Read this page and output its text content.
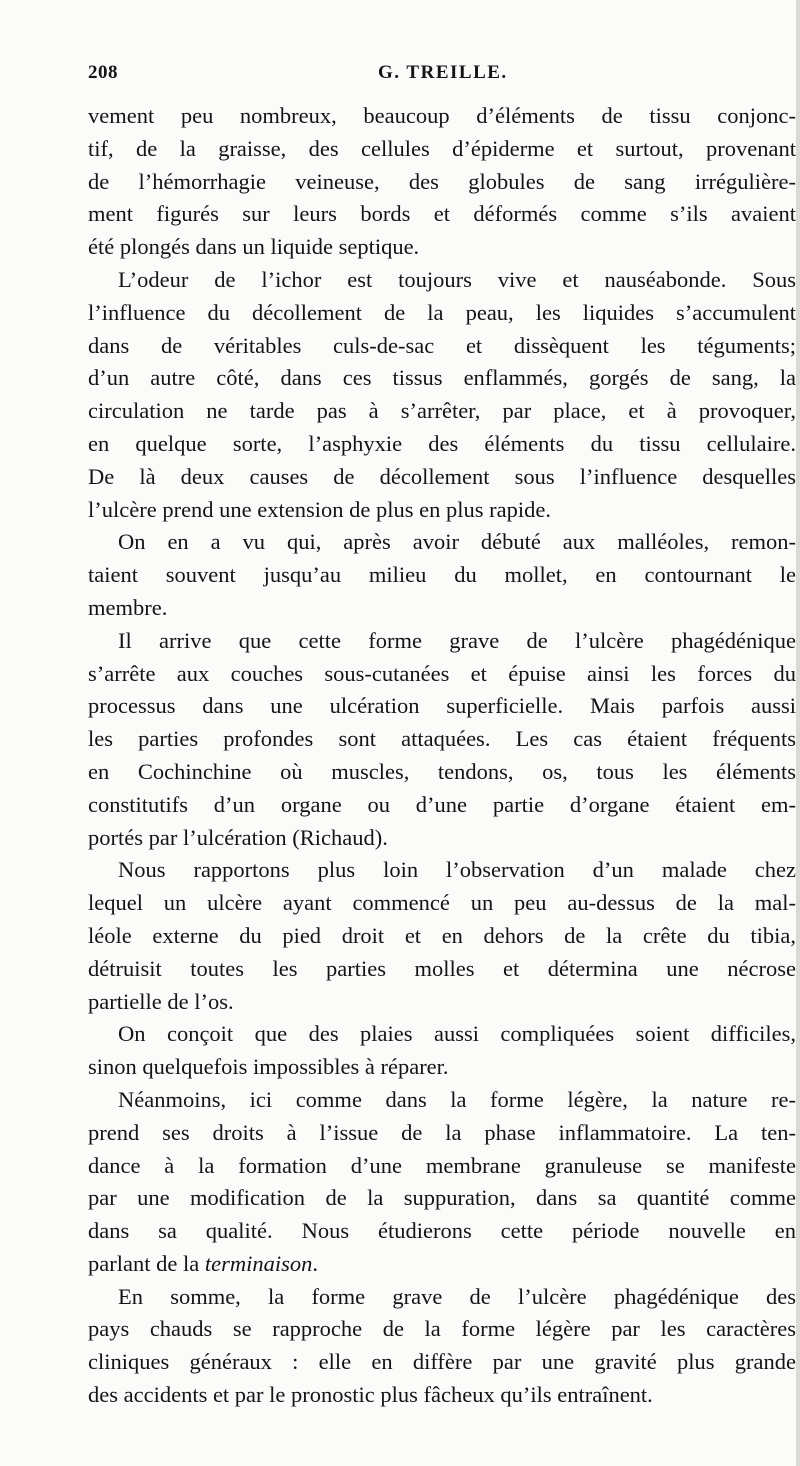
208	G. TREILLE.
vement peu nombreux, beaucoup d’éléments de tissu conjonc-
tif, de la graisse, des cellules d’épiderme et surtout, provenant
de l’hémorrhagie veineuse, des globules de sang irrégulière-
ment figurés sur leurs bords et déformés comme s’ils avaient
été plongés dans un liquide septique.
L’odeur de l’ichor est toujours vive et nauséabonde. Sous
l’influence du décollement de la peau, les liquides s’accumulent
dans de véritables culs-de-sac et dissèquent les téguments;
d’un autre côté, dans ces tissus enflammés, gorgés de sang, la
circulation ne tarde pas à s’arrêter, par place, et à provoquer,
en quelque sorte, l’asphyxie des éléments du tissu cellulaire.
De là deux causes de décollement sous l’influence desquelles
l’ulcère prend une extension de plus en plus rapide.
On en a vu qui, après avoir débuté aux malléoles, remon-
taient souvent jusqu’au milieu du mollet, en contournant le
membre.
Il arrive que cette forme grave de l’ulcère phagédénique
s’arrête aux couches sous-cutanées et épuise ainsi les forces du
processus dans une ulcération superficielle. Mais parfois aussi
les parties profondes sont attaquées. Les cas étaient fréquents
en Cochinchine où muscles, tendons, os, tous les éléments
constitutifs d’un organe ou d’une partie d’organe étaient em-
portés par l’ulcération (Richaud).
Nous rapportons plus loin l’observation d’un malade chez
lequel un ulcère ayant commencé un peu au-dessus de la mal-
léole externe du pied droit et en dehors de la crête du tibia,
détruisit toutes les parties molles et détermina une nécrose
partielle de l’os.
On conçoit que des plaies aussi compliquées soient difficiles,
sinon quelquefois impossibles à réparer.
Néanmoins, ici comme dans la forme légère, la nature re-
prend ses droits à l’issue de la phase inflammatoire. La ten-
dance à la formation d’une membrane granuleuse se manifeste
par une modification de la suppuration, dans sa quantité comme
dans sa qualité. Nous étudierons cette période nouvelle en
parlant de la terminaison.
En somme, la forme grave de l’ulcère phagédénique des
pays chauds se rapproche de la forme légère par les caractères
cliniques généraux : elle en diffère par une gravité plus grande
des accidents et par le pronostic plus fâcheux qu’ils entraînent.
